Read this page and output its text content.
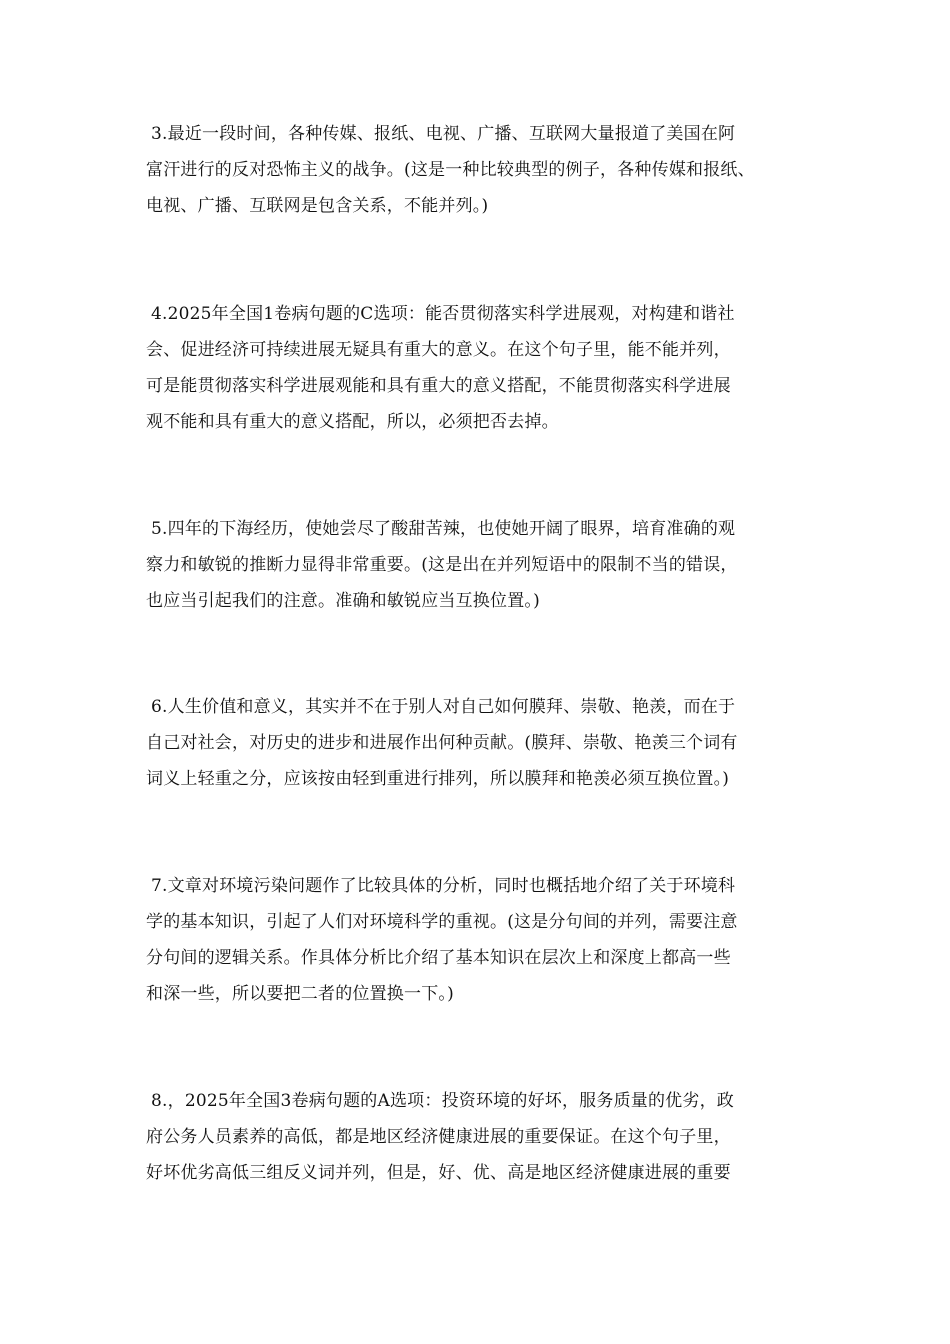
3.最近一段时间，各种传媒、报纸、电视、广播、互联网大量报道了美国在阿
富汗进行的反对恐怖主义的战争。(这是一种比较典型的例子，各种传媒和报纸、
电视、广播、互联网是包含关系，不能并列。)
4.2025年全国1卷病句题的C选项：能否贯彻落实科学进展观，对构建和谐社
会、促进经济可持续进展无疑具有重大的意义。在这个句子里，能不能并列，
可是能贯彻落实科学进展观能和具有重大的意义搭配，不能贯彻落实科学进展
观不能和具有重大的意义搭配，所以，必须把否去掉。
5.四年的下海经历，使她尝尽了酸甜苦辣，也使她开阔了眼界，培育准确的观
察力和敏锐的推断力显得非常重要。(这是出在并列短语中的限制不当的错误，
也应当引起我们的注意。准确和敏锐应当互换位置。)
6.人生价值和意义，其实并不在于别人对自己如何膜拜、崇敬、艳羡，而在于
自己对社会，对历史的进步和进展作出何种贡献。(膜拜、崇敬、艳羡三个词有
词义上轻重之分，应该按由轻到重进行排列，所以膜拜和艳羡必须互换位置。)
7.文章对环境污染问题作了比较具体的分析，同时也概括地介绍了关于环境科
学的基本知识，引起了人们对环境科学的重视。(这是分句间的并列，需要注意
分句间的逻辑关系。作具体分析比介绍了基本知识在层次上和深度上都高一些
和深一些，所以要把二者的位置换一下。)
8.，2025年全国3卷病句题的A选项：投资环境的好坏，服务质量的优劣，政
府公务人员素养的高低，都是地区经济健康进展的重要保证。在这个句子里，
好坏优劣高低三组反义词并列，但是，好、优、高是地区经济健康进展的重要
